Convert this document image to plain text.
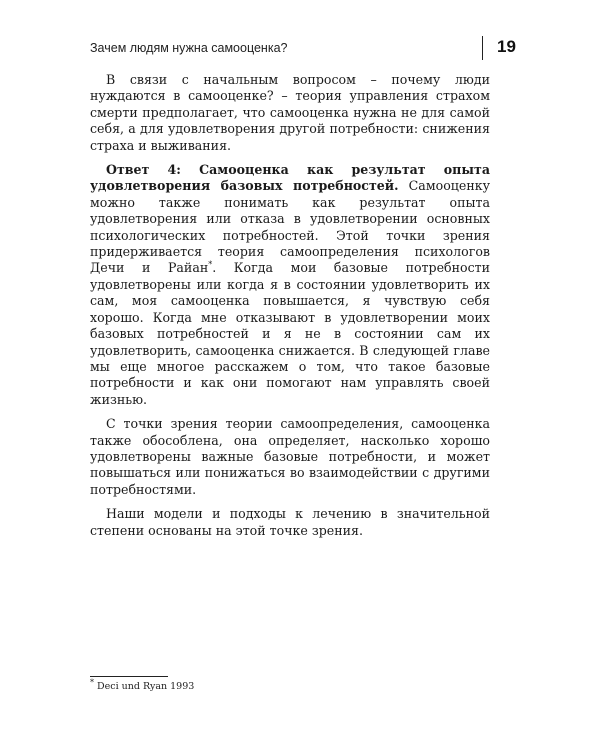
Зачем людям нужна самооценка?	19

В связи с начальным вопросом – почему люди нуждаются в самооценке? – теория управления страхом смерти предполагает, что самооценка нужна не для самой себя, а для удовлетворения другой потребности: снижения страха и выживания.

Ответ 4: Самооценка как результат опыта удовлетворения базовых потребностей. Самооценку можно также понимать как результат опыта удовлетворения или отказа в удовлетворении основных психологических потребностей. Этой точки зрения придерживается теория самоопределения психологов Дечи и Райан*. Когда мои базовые потребности удовлетворены или когда я в состоянии удовлетворить их сам, моя самооценка повышается, я чувствую себя хорошо. Когда мне отказывают в удовлетворении моих базовых потребностей и я не в состоянии сам их удовлетворить, самооценка снижается. В следующей главе мы еще многое расскажем о том, что такое базовые потребности и как они помогают нам управлять своей жизнью.

С точки зрения теории самоопределения, самооценка также обособлена, она определяет, насколько хорошо удовлетворены важные базовые потребности, и может повышаться или понижаться во взаимодействии с другими потребностями.

Наши модели и подходы к лечению в значительной степени основаны на этой точке зрения.

* Deci und Ryan 1993
